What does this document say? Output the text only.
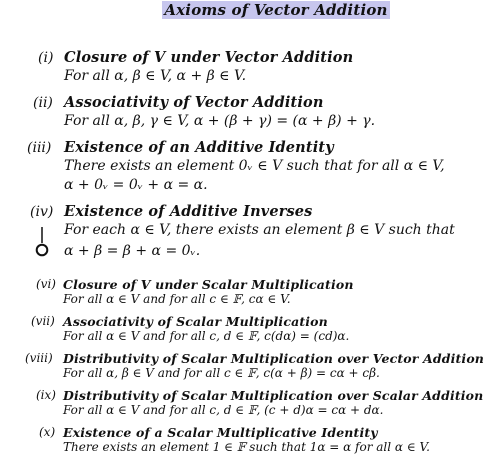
Axioms of Vector Addition
(i) Closure of V under Vector Addition
For all α, β ∈ V, α + β ∈ V.
(ii) Associativity of Vector Addition
For all α, β, γ ∈ V, α + (β + γ) = (α + β) + γ.
(iii) Existence of an Additive Identity
There exists an element 0ᵥ ∈ V such that for all α ∈ V,
α + 0ᵥ = 0ᵥ + α = α.
(iv) Existence of Additive Inverses
For each α ∈ V, there exists an element β ∈ V such that
α + β = β + α = 0ᵥ.
(vi) Closure of V under Scalar Multiplication
For all α ∈ V and for all c ∈ 𝔽, cα ∈ V.
(vii) Associativity of Scalar Multiplication
For all α ∈ V and for all c, d ∈ 𝔽, c(dα) = (cd)α.
(viii) Distributivity of Scalar Multiplication over Vector Addition
For all α, β ∈ V and for all c ∈ 𝔽, c(α + β) = cα + cβ.
(ix) Distributivity of Scalar Multiplication over Scalar Addition
For all α ∈ V and for all c, d ∈ 𝔽, (c + d)α = cα + dα.
(x) Existence of a Scalar Multiplicative Identity
There exists an element 1 ∈ 𝔽 such that 1α = α for all α ∈ V.
